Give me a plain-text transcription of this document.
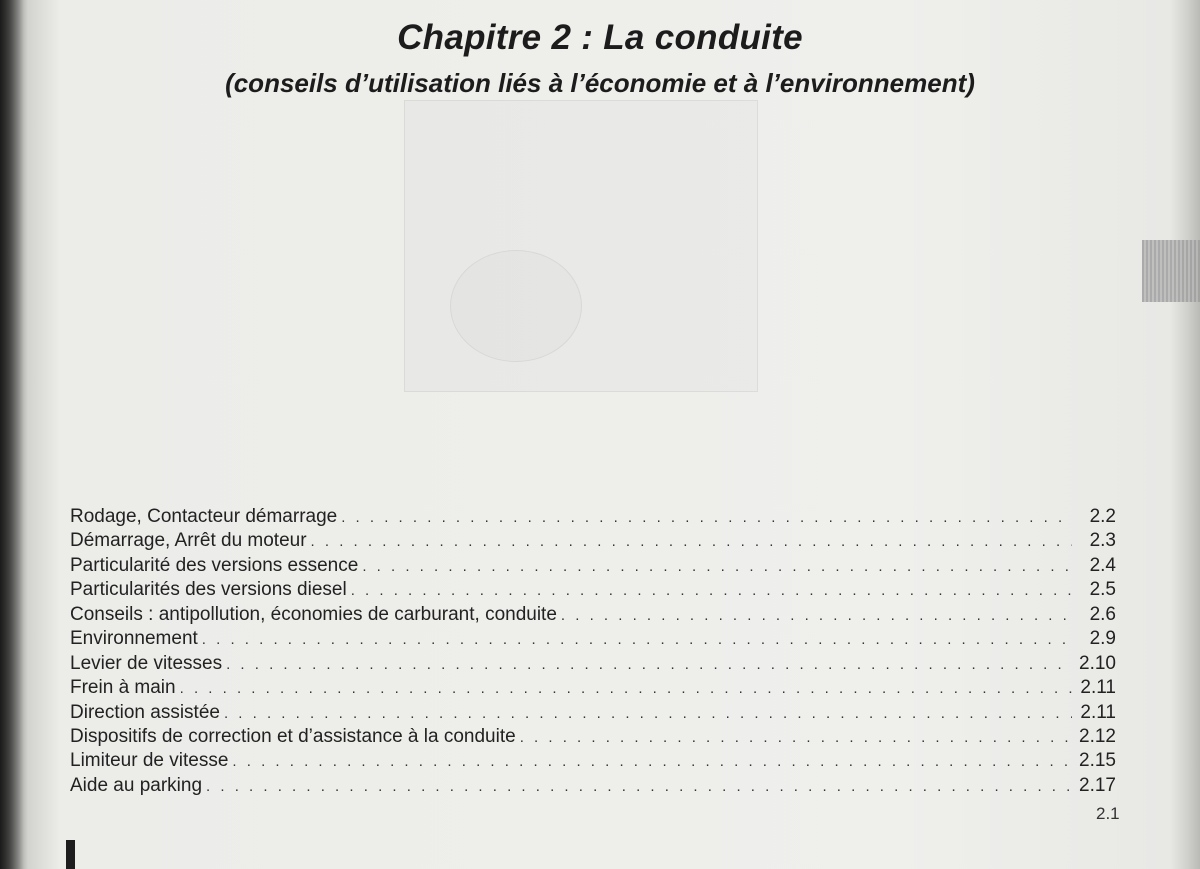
Chapitre 2 : La conduite
(conseils d’utilisation liés à l’économie et à l’environnement)
Rodage, Contacteur démarrage . . .	2.2
Démarrage, Arrêt du moteur . . .	2.3
Particularité des versions essence . . .	2.4
Particularités des versions diesel . . .	2.5
Conseils : antipollution, économies de carburant, conduite . . .	2.6
Environnement . . .	2.9
Levier de vitesses . . .	2.10
Frein à main . . .	2.11
Direction assistée . . .	2.11
Dispositifs de correction et d’assistance à la conduite . . .	2.12
Limiteur de vitesse . . .	2.15
Aide au parking . . .	2.17
2.1
